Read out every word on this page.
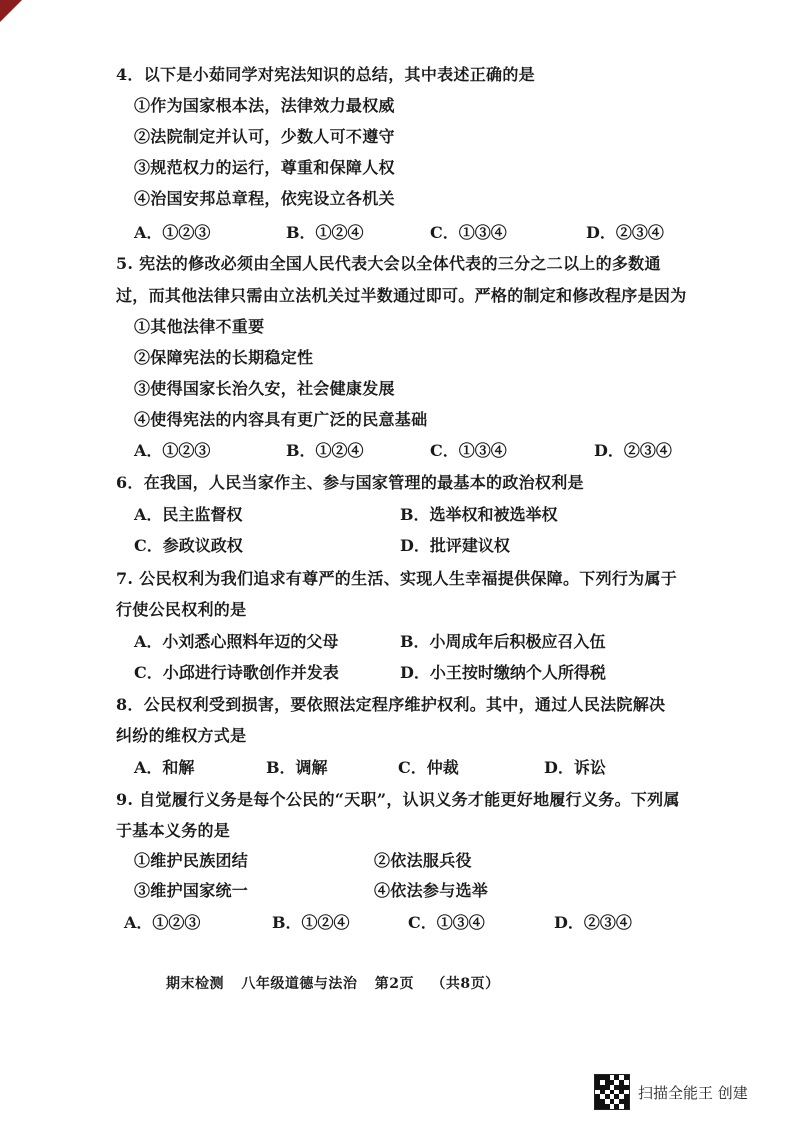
4．以下是小茹同学对宪法知识的总结，其中表述正确的是
①作为国家根本法，法律效力最权威
②法院制定并认可，少数人可不遵守
③规范权力的运行，尊重和保障人权
④治国安邦总章程，依宪设立各机关
A．①②③	B．①②④	C．①③④	D．②③④
5. 宪法的修改必须由全国人民代表大会以全体代表的三分之二以上的多数通
过，而其他法律只需由立法机关过半数通过即可。严格的制定和修改程序是因为
①其他法律不重要
②保障宪法的长期稳定性
③使得国家长治久安，社会健康发展
④使得宪法的内容具有更广泛的民意基础
A．①②③	B．①②④	C．①③④	D．②③④
6．在我国，人民当家作主、参与国家管理的最基本的政治权利是
A．民主监督权	B．选举权和被选举权
C．参政议政权	D．批评建议权
7. 公民权利为我们追求有尊严的生活、实现人生幸福提供保障。下列行为属于
行使公民权利的是
A．小刘悉心照料年迈的父母	B．小周成年后积极应召入伍
C．小邱进行诗歌创作并发表	D．小王按时缴纳个人所得税
8．公民权利受到损害，要依照法定程序维护权利。其中，通过人民法院解决
纠纷的维权方式是
A．和解	B．调解	C．仲裁	D．诉讼
9. 自觉履行义务是每个公民的“天职”，认识义务才能更好地履行义务。下列属
于基本义务的是
①维护民族团结	②依法服兵役
③维护国家统一	④依法参与选举
A．①②③	B．①②④	C．①③④	D．②③④
期末检测 八年级道德与法治 第2页 （共8页）
扫描全能王 创建
